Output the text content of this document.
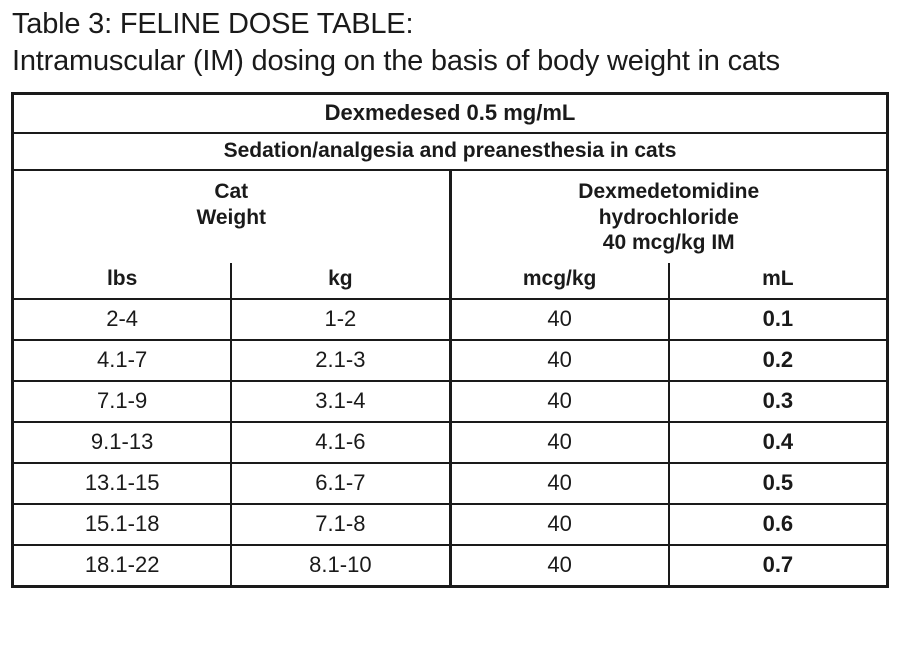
Table 3: FELINE DOSE TABLE:
Intramuscular (IM) dosing on the basis of body weight in cats
Dexmedesed 0.5 mg/mL			
Sedation/analgesia and preanesthesia in cats			

Cat
Weight

Dexmedetomidine
hydrochloride
40 mcg/kg IM

lbs	kg	mcg/kg	mL
2-4	1-2	40	0.1
4.1-7	2.1-3	40	0.2
7.1-9	3.1-4	40	0.3
9.1-13	4.1-6	40	0.4
13.1-15	6.1-7	40	0.5
15.1-18	7.1-8	40	0.6
18.1-22	8.1-10	40	0.7
